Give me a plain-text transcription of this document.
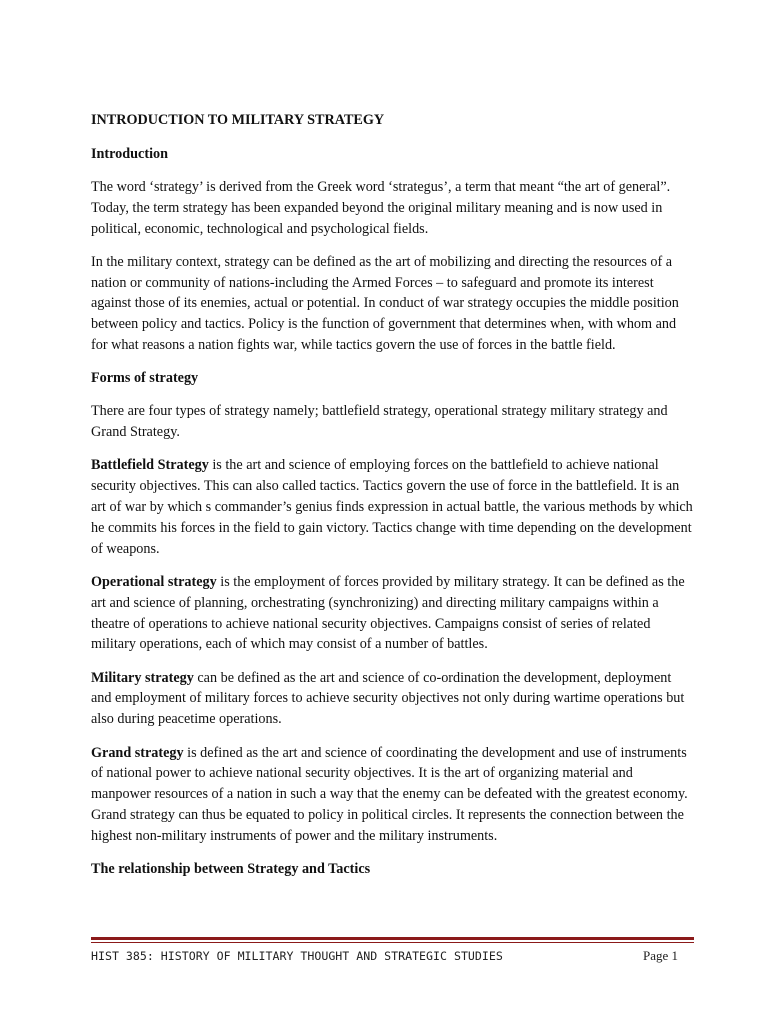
INTRODUCTION TO MILITARY STRATEGY
Introduction

The word ‘strategy’ is derived from the Greek word ‘strategus’, a term that meant “the art of general”. Today, the term strategy has been expanded beyond the original military meaning and is now used in political, economic, technological and psychological fields.

In the military context, strategy can be defined as the art of mobilizing and directing the resources of a nation or community of nations-including the Armed Forces – to safeguard and promote its interest against those of its enemies, actual or potential. In conduct of war strategy occupies the middle position between policy and tactics. Policy is the function of government that determines when, with whom and for what reasons a nation fights war, while tactics govern the use of forces in the battle field.

Forms of strategy

There are four types of strategy namely; battlefield strategy, operational strategy military strategy and Grand Strategy.

Battlefield Strategy is the art and science of employing forces on the battlefield to achieve national security objectives. This can also called tactics. Tactics govern the use of force in the battlefield. It is an art of war by which s commander’s genius finds expression in actual battle, the various methods by which he commits his forces in the field to gain victory. Tactics change with time depending on the development of weapons.

Operational strategy is the employment of forces provided by military strategy. It can be defined as the art and science of planning, orchestrating (synchronizing) and directing military campaigns within a theatre of operations to achieve national security objectives. Campaigns consist of series of related military operations, each of which may consist of a number of battles.

Military strategy can be defined as the art and science of co-ordination the development, deployment and employment of military forces to achieve security objectives not only during wartime operations but also during peacetime operations.

Grand strategy is defined as the art and science of coordinating the development and use of instruments of national power to achieve national security objectives. It is the art of organizing material and manpower resources of a nation in such a way that the enemy can be defeated with the greatest economy. Grand strategy can thus be equated to policy in political circles. It represents the connection between the highest non-military instruments of power and the military instruments.

The relationship between Strategy and Tactics
HIST 385: HISTORY OF MILITARY THOUGHT AND STRATEGIC STUDIES	Page 1
